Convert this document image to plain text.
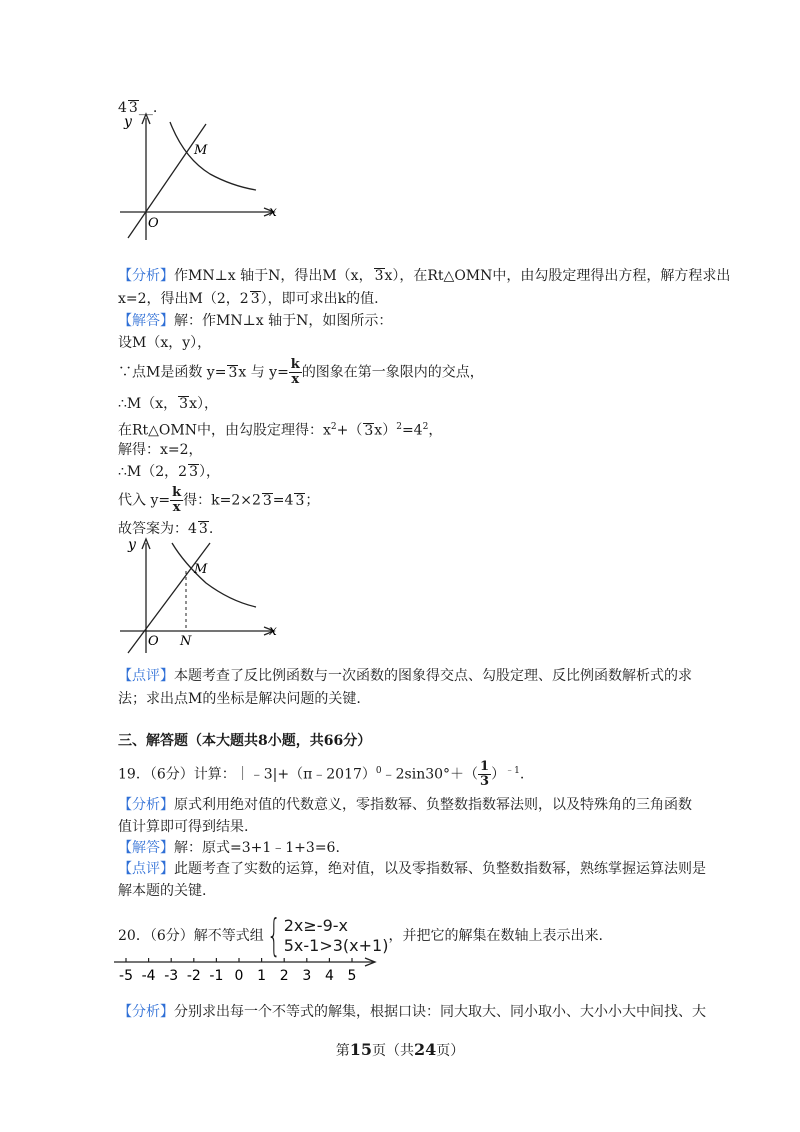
4 3__.
y
x
O
M
【分析】作MN⊥x 轴于N，得出M（x， 3x），在Rt△OMN中，由勾股定理得出方程，解方程求出
x=2，得出M（2，2 3），即可求出k的值.
【解答】解：作MN⊥x 轴于N，如图所示：
设M（x，y），
∵点M是函数 y= 3x 与 $y= \frac{k}{x}$ 的图象在第一象限内的交点，
∴M（x， 3x），
在Rt△OMN中，由勾股定理得：$x^2+$（ $3x)^2=4^2$，
解得：x=2，
∴M（2，2 3），
代入 $y= \frac{k}{x}$ 得：k=2×2 3=4 3；
故答案为：4 3.
y
x
O N
M
【点评】本题考查了反比例函数与一次函数的图象得交点、勾股定理、反比例函数解析式的求
法；求出点M的坐标是解决问题的关键.
三、解答题（本大题共8小题，共66分）
19．（6分）计算：｜﹣3|+（π﹣2017）$^0$﹣2sin30°＋（ $\frac{1}{3} )^{﹣1}$.
【分析】原式利用绝对值的代数意义，零指数幂、负整数指数幂法则，以及特殊角的三角函数
值计算即可得到结果.
【解答】解：原式=3+1﹣1+3=6.
【点评】此题考查了实数的运算，绝对值，以及零指数幂、负整数指数幂，熟练掌握运算法则是
解本题的关键.
20．（6分）解不等式组{ 2x≥-9-x
5x-1>3(x+1) ，并把它的解集在数轴上表示出来.
-5 -4 -3 -2 -1 0 1 2 3 4 5
【分析】分别求出每一个不等式的解集，根据口诀：同大取大、同小取小、大小小大中间找、大
第15页（共24页）
